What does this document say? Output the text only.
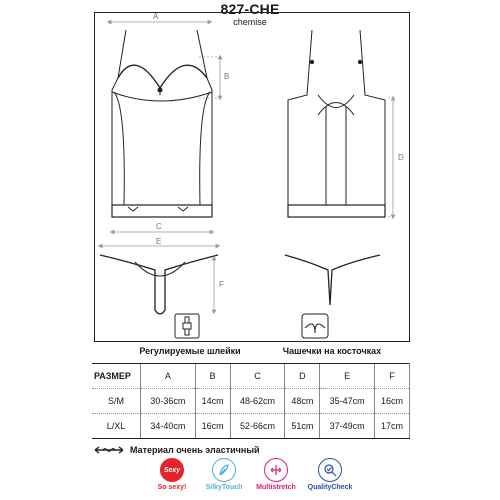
827-CHE
chemise
A
B
C
D
E
F
Регулируемые шлейки	Чашечки на косточках
РАЗМЕР	A	B	C	D	E	F
S/M	30-36cm	14cm	48-62cm	48cm	35-47cm	16cm
L/XL	34-40cm	16cm	52-66cm	51cm	37-49cm	17cm
Материал очень эластичный
Sexy
So sexy!	SilkyTouch	Multistretch	QualityCheck
